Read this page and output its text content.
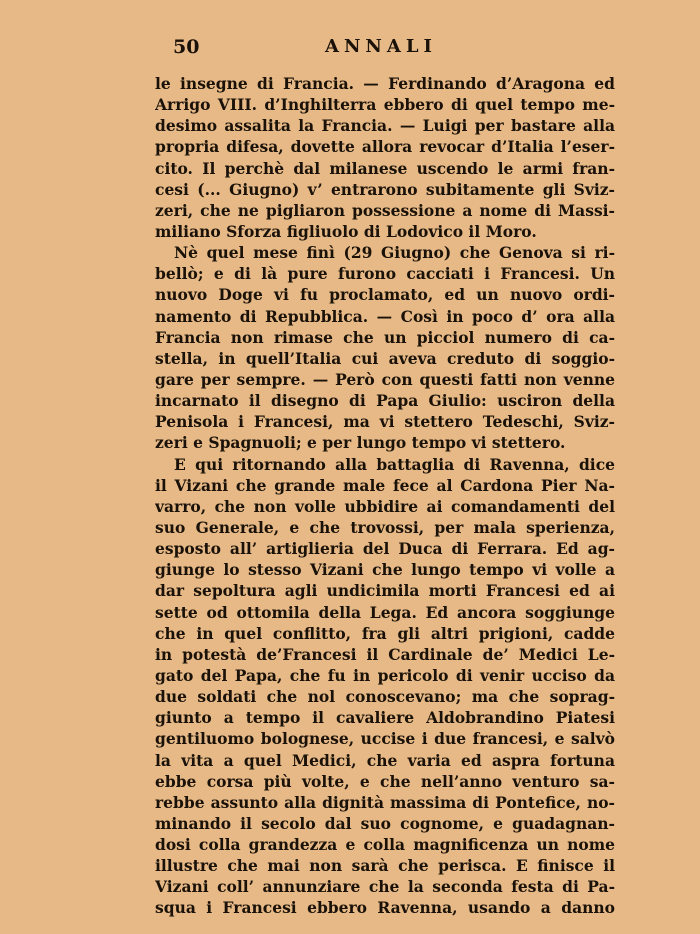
50	ANNALI
le insegne di Francia. — Ferdinando d’Aragona ed
Arrigo VIII. d’Inghilterra ebbero di quel tempo me-
desimo assalita la Francia. — Luigi per bastare alla
propria difesa, dovette allora revocar d’Italia l’eser-
cito. Il perchè dal milanese uscendo le armi fran-
cesi (... Giugno) v’ entrarono subitamente gli Sviz-
zeri, che ne pigliaron possessione a nome di Massi-
miliano Sforza figliuolo di Lodovico il Moro.
Nè quel mese finì (29 Giugno) che Genova si ri-
bellò; e di là pure furono cacciati i Francesi. Un
nuovo Doge vi fu proclamato, ed un nuovo ordi-
namento di Repubblica. — Così in poco d’ ora alla
Francia non rimase che un picciol numero di ca-
stella, in quell’Italia cui aveva creduto di soggio-
gare per sempre. — Però con questi fatti non venne
incarnato il disegno di Papa Giulio: usciron della
Penisola i Francesi, ma vi stettero Tedeschi, Sviz-
zeri e Spagnuoli; e per lungo tempo vi stettero.
E qui ritornando alla battaglia di Ravenna, dice
il Vizani che grande male fece al Cardona Pier Na-
varro, che non volle ubbidire ai comandamenti del
suo Generale, e che trovossi, per mala sperienza,
esposto all’ artiglieria del Duca di Ferrara. Ed ag-
giunge lo stesso Vizani che lungo tempo vi volle a
dar sepoltura agli undicimila morti Francesi ed ai
sette od ottomila della Lega. Ed ancora soggiunge
che in quel conflitto, fra gli altri prigioni, cadde
in potestà de’Francesi il Cardinale de’ Medici Le-
gato del Papa, che fu in pericolo di venir ucciso da
due soldati che nol conoscevano; ma che soprag-
giunto a tempo il cavaliere Aldobrandino Piatesi
gentiluomo bolognese, uccise i due francesi, e salvò
la vita a quel Medici, che varia ed aspra fortuna
ebbe corsa più volte, e che nell’anno venturo sa-
rebbe assunto alla dignità massima di Pontefice, no-
minando il secolo dal suo cognome, e guadagnan-
dosi colla grandezza e colla magnificenza un nome
illustre che mai non sarà che perisca. E finisce il
Vizani coll’ annunziare che la seconda festa di Pa-
squa i Francesi ebbero Ravenna, usando a danno
